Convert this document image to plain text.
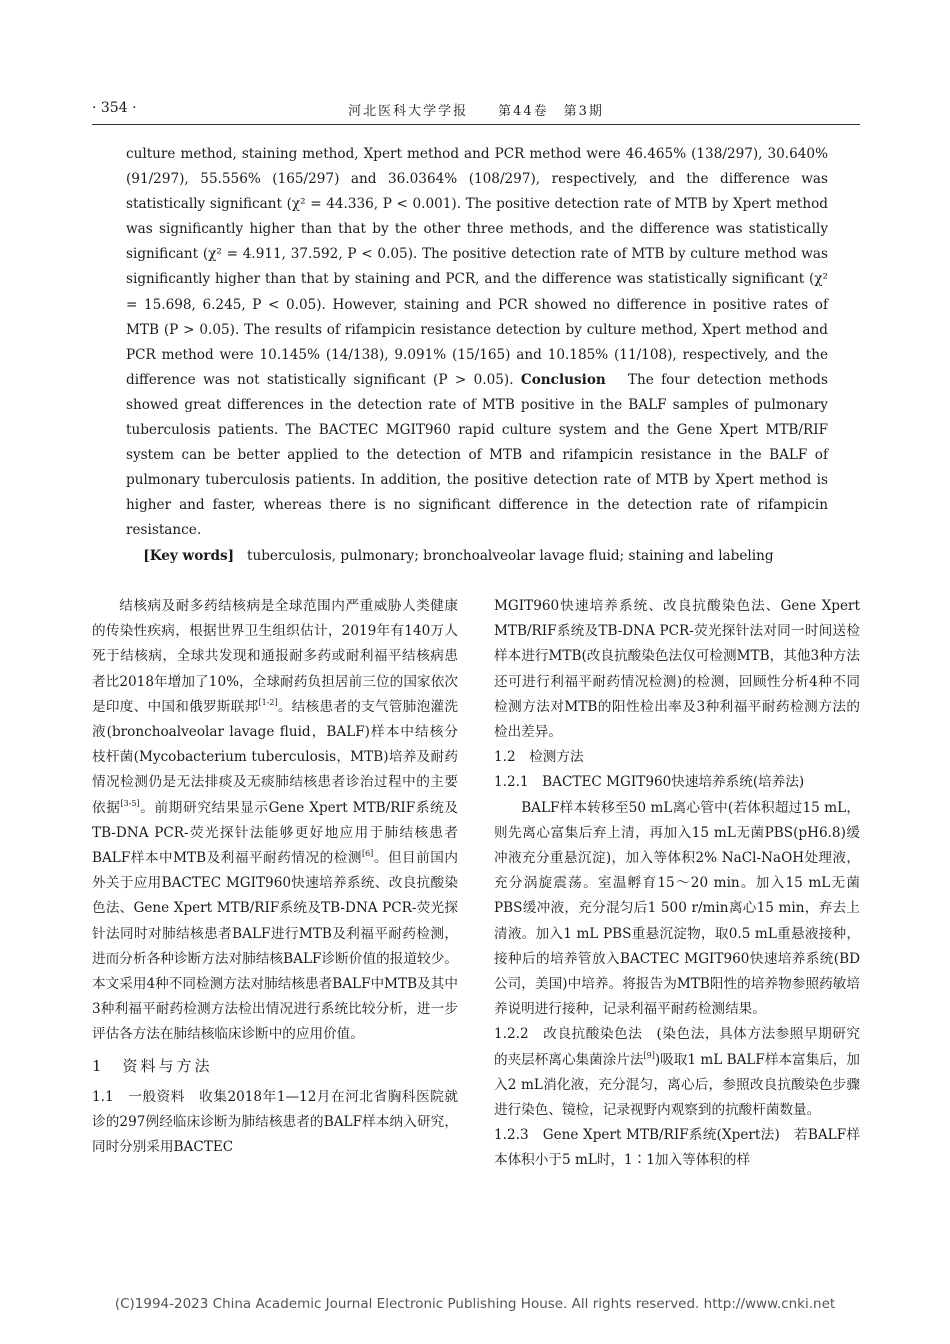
· 354 ·	河北医科大学学报　　第44卷　第3期

culture method, staining method, Xpert method and PCR method were 46.465% (138/297), 30.640% (91/297), 55.556% (165/297) and 36.0364% (108/297), respectively, and the difference was statistically significant (χ² = 44.336, P < 0.001). The positive detection rate of MTB by Xpert method was significantly higher than that by the other three methods, and the difference was statistically significant (χ² = 4.911, 37.592, P < 0.05). The positive detection rate of MTB by culture method was significantly higher than that by staining and PCR, and the difference was statistically significant (χ² = 15.698, 6.245, P < 0.05). However, staining and PCR showed no difference in positive rates of MTB (P > 0.05). The results of rifampicin resistance detection by culture method, Xpert method and PCR method were 10.145% (14/138), 9.091% (15/165) and 10.185% (11/108), respectively, and the difference was not statistically significant (P > 0.05). Conclusion The four detection methods showed great differences in the detection rate of MTB positive in the BALF samples of pulmonary tuberculosis patients. The BACTEC MGIT960 rapid culture system and the Gene Xpert MTB/RIF system can be better applied to the detection of MTB and rifampicin resistance in the BALF of pulmonary tuberculosis patients. In addition, the positive detection rate of MTB by Xpert method is higher and faster, whereas there is no significant difference in the detection rate of rifampicin resistance.

[Key words] tuberculosis, pulmonary; bronchoalveolar lavage fluid; staining and labeling

结核病及耐多药结核病是全球范围内严重威胁人类健康的传染性疾病，根据世界卫生组织估计，2019年有140万人死于结核病，全球共发现和通报耐多药或耐利福平结核病患者比2018年增加了10%，全球耐药负担居前三位的国家依次是印度、中国和俄罗斯联邦[1-2]。结核患者的支气管肺泡灌洗液(bronchoalveolar lavage fluid，BALF)样本中结核分枝杆菌(Mycobacterium tuberculosis，MTB)培养及耐药情况检测仍是无法排痰及无痰肺结核患者诊治过程中的主要依据[3-5]。前期研究结果显示Gene Xpert MTB/RIF系统及TB-DNA PCR-荧光探针法能够更好地应用于肺结核患者BALF样本中MTB及利福平耐药情况的检测[6]。但目前国内外关于应用BACTEC MGIT960快速培养系统、改良抗酸染色法、Gene Xpert MTB/RIF系统及TB-DNA PCR-荧光探针法同时对肺结核患者BALF进行MTB及利福平耐药检测，进而分析各种诊断方法对肺结核BALF诊断价值的报道较少。本文采用4种不同检测方法对肺结核患者BALF中MTB及其中3种利福平耐药检测方法检出情况进行系统比较分析，进一步评估各方法在肺结核临床诊断中的应用价值。

1　资料与方法

1.1　一般资料　收集2018年1—12月在河北省胸科医院就诊的297例经临床诊断为肺结核患者的BALF样本纳入研究，同时分别采用BACTEC

MGIT960快速培养系统、改良抗酸染色法、Gene Xpert MTB/RIF系统及TB-DNA PCR-荧光探针法对同一时间送检样本进行MTB(改良抗酸染色法仅可检测MTB，其他3种方法还可进行利福平耐药情况检测)的检测，回顾性分析4种不同检测方法对MTB的阳性检出率及3种利福平耐药检测方法的检出差异。

1.2　检测方法

1.2.1　BACTEC MGIT960快速培养系统(培养法)

BALF样本转移至50 mL离心管中(若体积超过15 mL，则先离心富集后弃上清，再加入15 mL无菌PBS(pH6.8)缓冲液充分重悬沉淀)，加入等体积2% NaCl-NaOH处理液，充分涡旋震荡。室温孵育15～20 min。加入15 mL无菌PBS缓冲液，充分混匀后1 500 r/min离心15 min，弃去上清液。加入1 mL PBS重悬沉淀物，取0.5 mL重悬液接种，接种后的培养管放入BACTEC MGIT960快速培养系统(BD公司，美国)中培养。将报告为MTB阳性的培养物参照药敏培养说明进行接种，记录利福平耐药检测结果。

1.2.2　改良抗酸染色法　(染色法，具体方法参照早期研究的夹层杯离心集菌涂片法[9])吸取1 mL BALF样本富集后，加入2 mL消化液，充分混匀，离心后，参照改良抗酸染色步骤进行染色、镜检，记录视野内观察到的抗酸杆菌数量。

1.2.3　Gene Xpert MTB/RIF系统(Xpert法)　若BALF样本体积小于5 mL时，1∶1加入等体积的样

(C)1994-2023 China Academic Journal Electronic Publishing House. All rights reserved. http://www.cnki.net
